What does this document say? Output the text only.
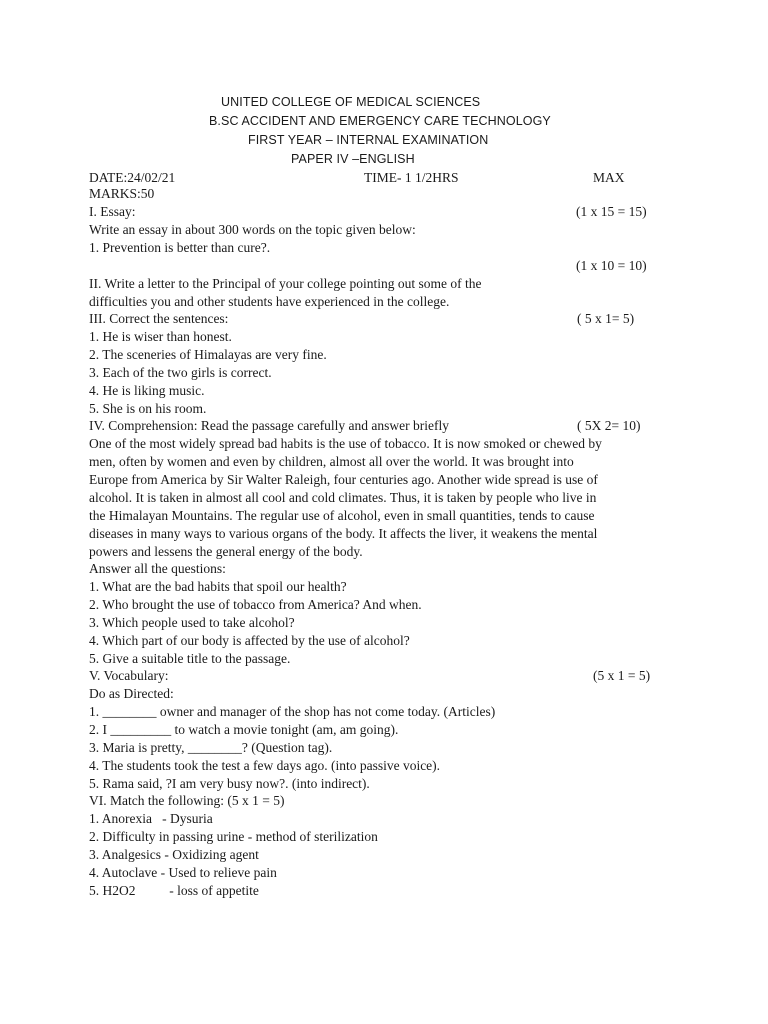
UNITED COLLEGE OF MEDICAL SCIENCES
B.SC ACCIDENT AND EMERGENCY CARE TECHNOLOGY
FIRST YEAR – INTERNAL EXAMINATION
PAPER IV –ENGLISH
DATE:24/02/21	TIME- 1 1/2HRS	MAX
MARKS:50
I. Essay:	(1 x 15 = 15)
Write an essay in about 300 words on the topic given below:
1. Prevention is better than cure?.
(1 x 10 = 10)
II. Write a letter to the Principal of your college pointing out some of the
difficulties you and other students have experienced in the college.
III. Correct the sentences:	( 5 x 1= 5)
1. He is wiser than honest.
2. The sceneries of Himalayas are very fine.
3. Each of the two girls is correct.
4. He is liking music.
5. She is on his room.
IV. Comprehension: Read the passage carefully and answer briefly	( 5X 2= 10)
One of the most widely spread bad habits is the use of tobacco. It is now smoked or chewed by
men, often by women and even by children, almost all over the world. It was brought into
Europe from America by Sir Walter Raleigh, four centuries ago. Another wide spread is use of
alcohol. It is taken in almost all cool and cold climates. Thus, it is taken by people who live in
the Himalayan Mountains. The regular use of alcohol, even in small quantities, tends to cause
diseases in many ways to various organs of the body. It affects the liver, it weakens the mental
powers and lessens the general energy of the body.
Answer all the questions:
1. What are the bad habits that spoil our health?
2. Who brought the use of tobacco from America? And when.
3. Which people used to take alcohol?
4. Which part of our body is affected by the use of alcohol?
5. Give a suitable title to the passage.
V. Vocabulary:	(5 x 1 = 5)
Do as Directed:
1. ________ owner and manager of the shop has not come today. (Articles)
2. I _________ to watch a movie tonight (am, am going).
3. Maria is pretty, ________? (Question tag).
4. The students took the test a few days ago. (into passive voice).
5. Rama said, ?I am very busy now?. (into indirect).
VI. Match the following: (5 x 1 = 5)
1. Anorexia   - Dysuria
2. Difficulty in passing urine - method of sterilization
3. Analgesics - Oxidizing agent
4. Autoclave - Used to relieve pain
5. H2O2          - loss of appetite
